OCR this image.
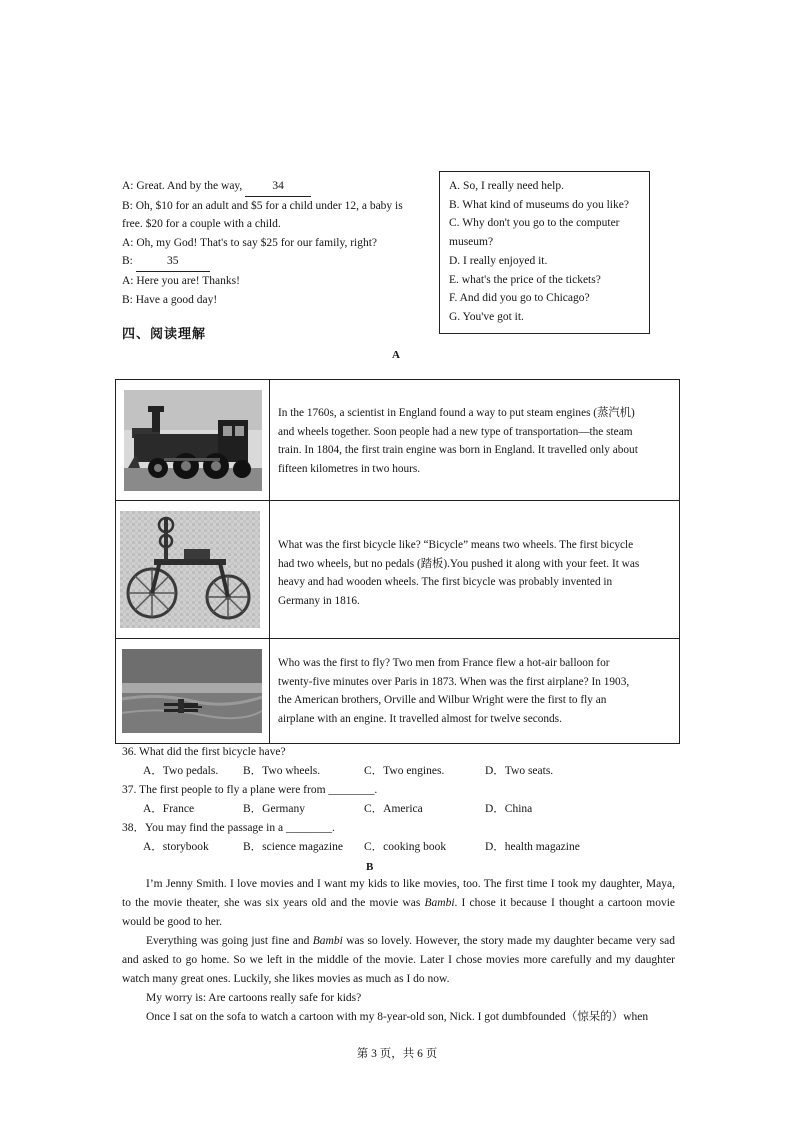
A: Great. And by the way, 34
B: Oh, $10 for an adult and $5 for a child under 12, a baby is
free. $20 for a couple with a child.
A: Oh, my God! That's to say $25 for our family, right?
B:	35
A: Here you are! Thanks!
B: Have a good day!
A. So, I really need help.
B. What kind of museums do you like?
C. Why don't you go to the computer
museum?
D. I really enjoyed it.
E. what's the price of the tickets?
F. And did you go to Chicago?
G. You've got it.
四、阅读理解
A
In the 1760s, a scientist in England found a way to put steam engines (蒸汽机)
and wheels together. Soon people had a new type of transportation—the steam
train. In 1804, the first train engine was born in England. It travelled only about
fifteen kilometres in two hours.
What was the first bicycle like? “Bicycle” means two wheels. The first bicycle
had two wheels, but no pedals (踏板).You pushed it along with your feet. It was
heavy and had wooden wheels. The first bicycle was probably invented in
Germany in 1816.
Who was the first to fly? Two men from France flew a hot-air balloon for
twenty-five minutes over Paris in 1873. When was the first airplane? In 1903,
the American brothers, Orville and Wilbur Wright were the first to fly an
airplane with an engine. It travelled almost for twelve seconds.
36. What did the first bicycle have?
A．Two pedals. B．Two wheels.	C．Two engines.	D．Two seats.
37. The first people to fly a plane were from ________.
A．France	B．Germany	C．America	D．China
38．You may find the passage in a ________.
A．storybook	B．science magazine C．cooking book	D．health magazine
B

I’m Jenny Smith. I love movies and I want my kids to like movies, too. The first time I took my daughter, Maya, to the movie theater, she was six years old and the movie was Bambi. I chose it because I thought a cartoon movie would be good to her.

Everything was going just fine and Bambi was so lovely. However, the story made my daughter became very sad and asked to go home. So we left in the middle of the movie. Later I chose movies more carefully and my daughter watch many great ones. Luckily, she likes movies as much as I do now.

My worry is: Are cartoons really safe for kids?

Once I sat on the sofa to watch a cartoon with my 8-year-old son, Nick. I got dumbfounded（惊呆的）when

第 3 页，共 6 页
